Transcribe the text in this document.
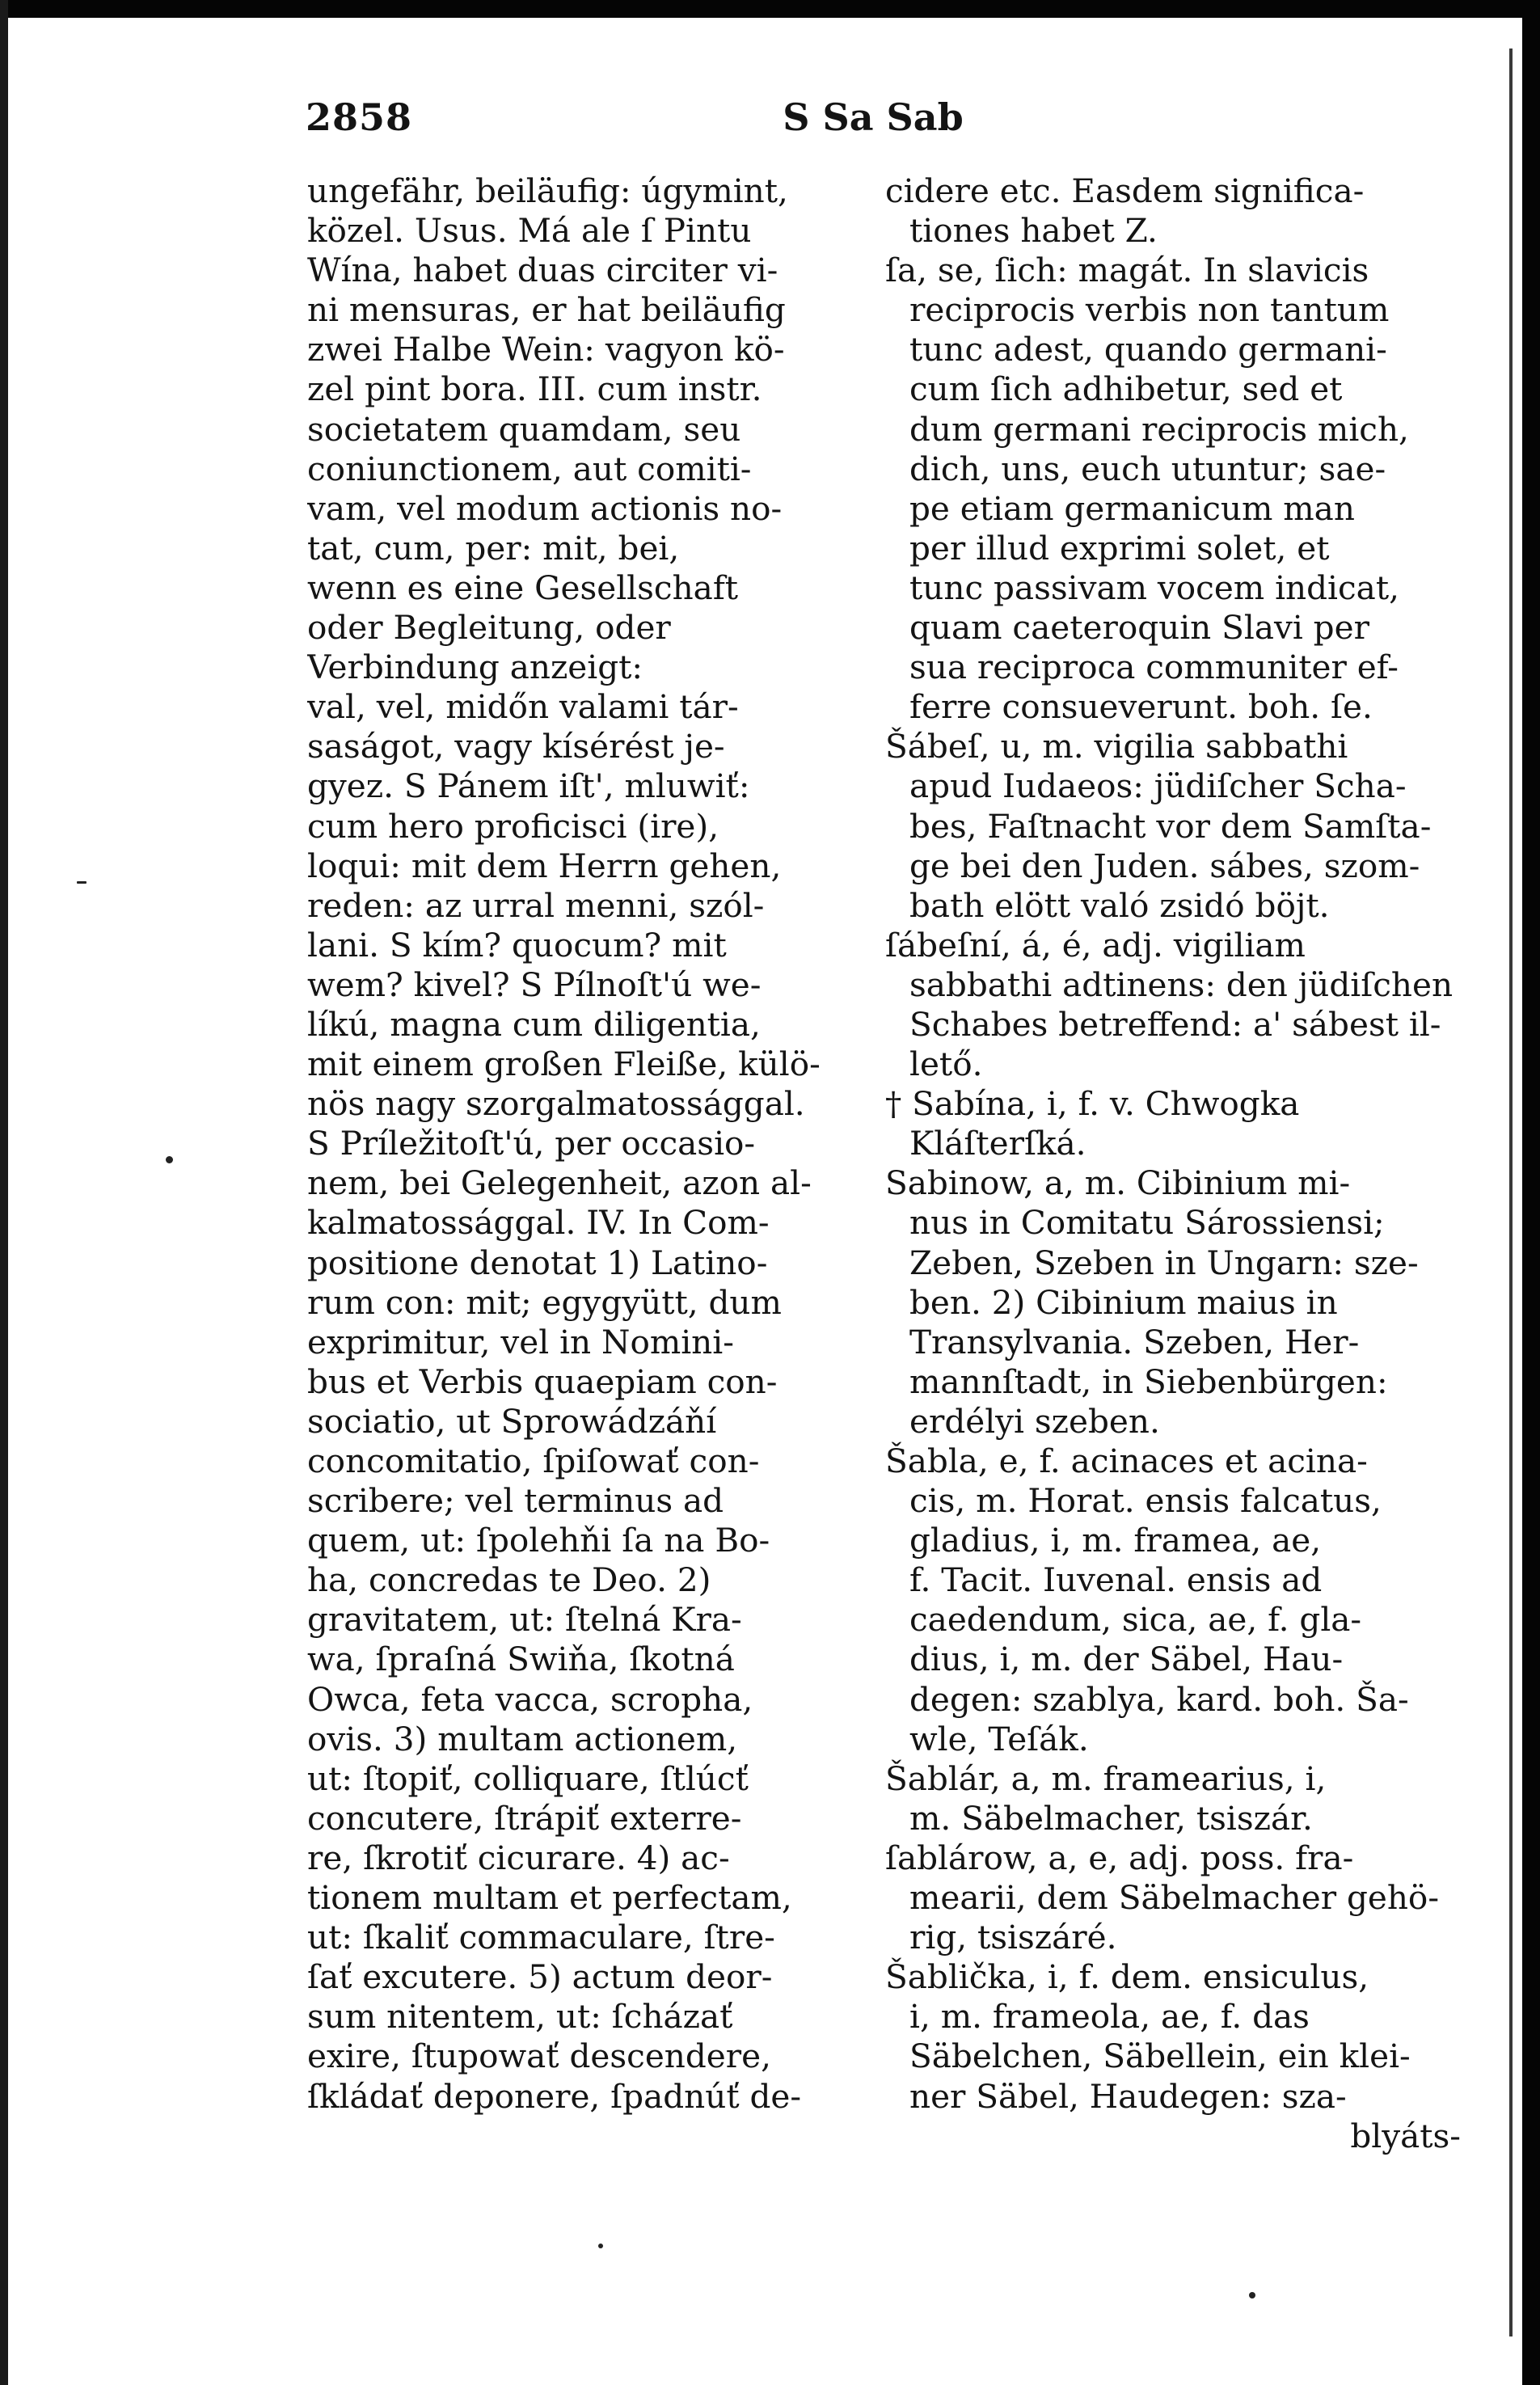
2858	S Sa Sab
ungefähr, beiläufig: úgymint,
közel. Usus. Má ale ſ Pintu
Wína, habet duas circiter vi-
ni mensuras, er hat beiläufig
zwei Halbe Wein: vagyon kö-
zel pint bora. III. cum instr.
societatem quamdam, seu
coniunctionem, aut comiti-
vam, vel modum actionis no-
tat, cum, per: mit, bei,
wenn es eine Gesellschaft
oder Begleitung, oder
Verbindung anzeigt:
val, vel, midőn valami tár-
saságot, vagy kísérést je-
gyez. S Pánem iſt', mluwiť:
cum hero proficisci (ire),
loqui: mit dem Herrn gehen,
reden: az urral menni, szól-
lani. S kím? quocum? mit
wem? kivel? S Pílnoſt'ú we-
líkú, magna cum diligentia,
mit einem großen Fleiße, külö-
nös nagy szorgalmatossággal.
S Príležitoſt'ú, per occasio-
nem, bei Gelegenheit, azon al-
kalmatossággal. IV. In Com-
positione denotat 1) Latino-
rum con: mit; egygyütt, dum
exprimitur, vel in Nomini-
bus et Verbis quaepiam con-
sociatio, ut Sprowádzáňí
concomitatio, ſpiſowať con-
scribere; vel terminus ad
quem, ut: ſpolehňi ſa na Bo-
ha, concredas te Deo. 2)
gravitatem, ut: ſtelná Kra-
wa, ſpraſná Swiňa, ſkotná
Owca, feta vacca, scropha,
ovis. 3) multam actionem,
ut: ſtopiť, colliquare, ſtlúcť
concutere, ſtrápiť exterre-
re, ſkrotiť cicurare. 4) ac-
tionem multam et perfectam,
ut: ſkaliť commaculare, ſtre-
ſať excutere. 5) actum deor-
sum nitentem, ut: ſcházať
exire, ſtupowať descendere,
ſkládať deponere, ſpadnúť de-
cidere etc. Easdem significa-
tiones habet Z.
ſa, se, ſich: magát. In slavicis
reciprocis verbis non tantum
tunc adest, quando germani-
cum ſich adhibetur, sed et
dum germani reciprocis mich,
dich, uns, euch utuntur; sae-
pe etiam germanicum man
per illud exprimi solet, et
tunc passivam vocem indicat,
quam caeteroquin Slavi per
sua reciproca communiter ef-
ferre consueverunt. boh. ſe.
Šábeſ, u, m. vigilia sabbathi
apud Iudaeos: jüdiſcher Scha-
bes, Faſtnacht vor dem Samſta-
ge bei den Juden. sábes, szom-
bath elött való zsidó böjt.
ſábeſní, á, é, adj. vigiliam
sabbathi adtinens: den jüdiſchen
Schabes betreffend: a' sábest il-
lető.
† Sabína, i, f. v. Chwogka
Kláſterſká.
Sabinow, a, m. Cibinium mi-
nus in Comitatu Sárossiensi;
Zeben, Szeben in Ungarn: sze-
ben. 2) Cibinium maius in
Transylvania. Szeben, Her-
mannſtadt, in Siebenbürgen:
erdélyi szeben.
Šabla, e, f. acinaces et acina-
cis, m. Horat. ensis falcatus,
gladius, i, m. framea, ae,
f. Tacit. Iuvenal. ensis ad
caedendum, sica, ae, f. gla-
dius, i, m. der Säbel, Hau-
degen: szablya, kard. boh. Ša-
wle, Teſák.
Šablár, a, m. framearius, i,
m. Säbelmacher, tsiszár.
ſablárow, a, e, adj. poss. fra-
mearii, dem Säbelmacher gehö-
rig, tsiszáré.
Šablička, i, f. dem. ensiculus,
i, m. frameola, ae, f. das
Säbelchen, Säbellein, ein klei-
ner Säbel, Haudegen: sza-
blyáts-
